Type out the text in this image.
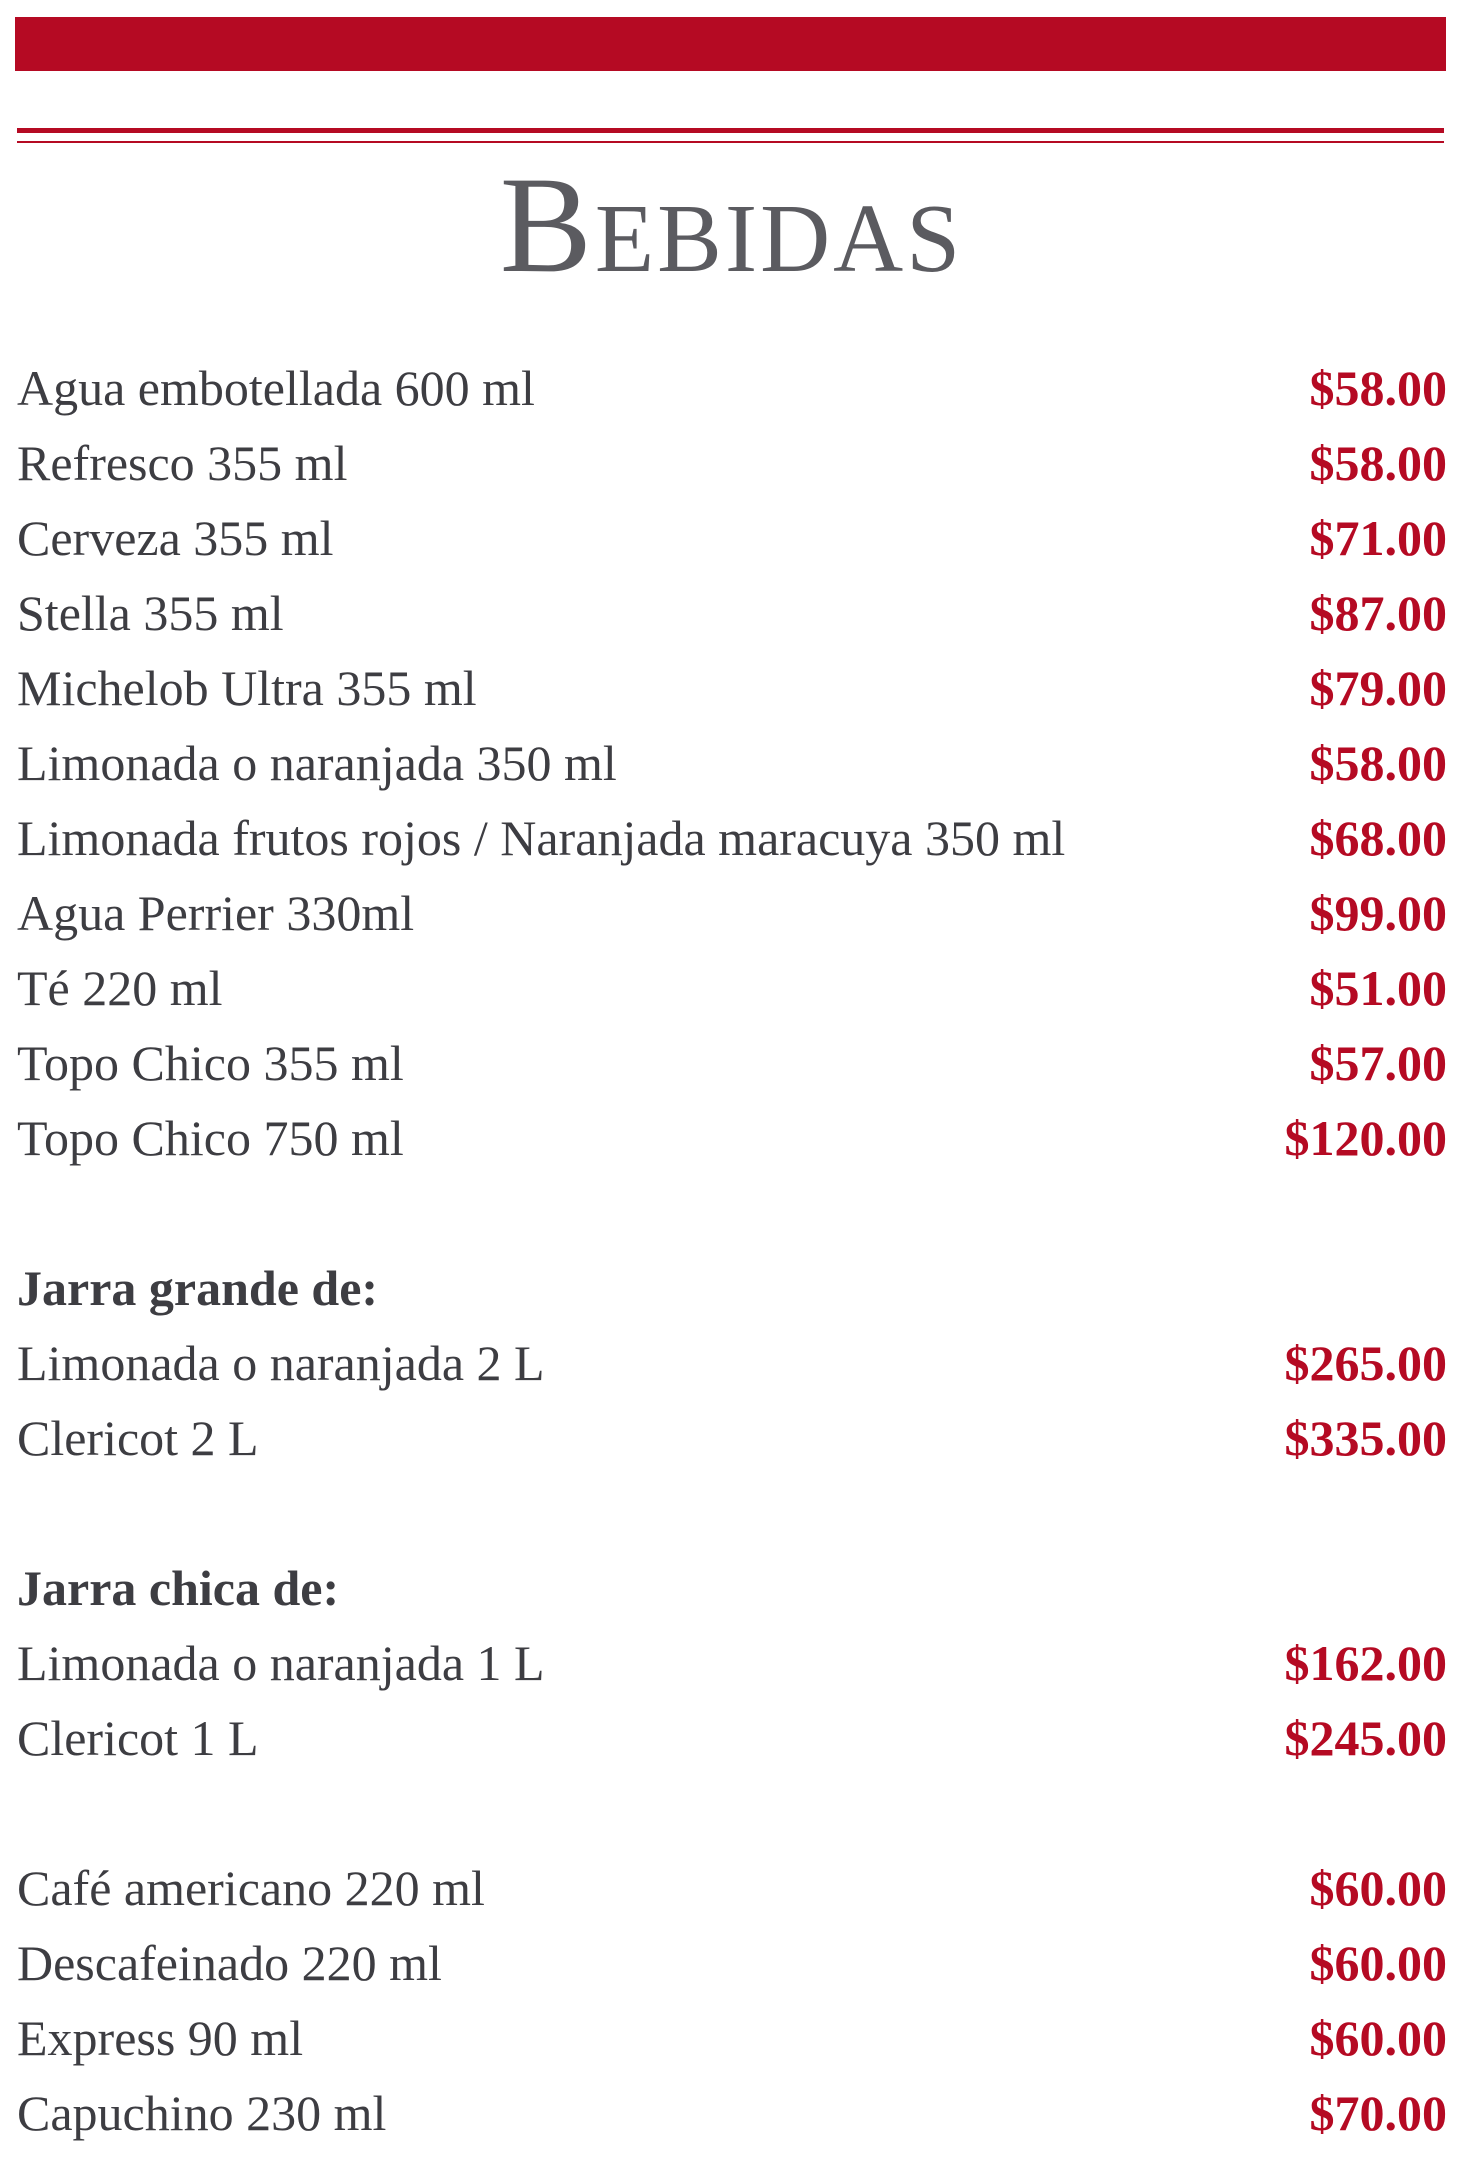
Bebidas
Agua embotellada 600 ml	$58.00
Refresco 355 ml	$58.00
Cerveza 355 ml	$71.00
Stella 355 ml	$87.00
Michelob Ultra 355 ml	$79.00
Limonada o naranjada 350 ml	$58.00
Limonada frutos rojos / Naranjada maracuya 350 ml	$68.00
Agua Perrier 330ml	$99.00
Té 220 ml	$51.00
Topo Chico 355 ml	$57.00
Topo Chico 750 ml	$120.00
Jarra grande de:
Limonada o naranjada 2 L	$265.00
Clericot 2 L	$335.00
Jarra chica de:
Limonada o naranjada 1 L	$162.00
Clericot 1 L	$245.00
Café americano 220 ml	$60.00
Descafeinado 220 ml	$60.00
Express 90 ml	$60.00
Capuchino 230 ml	$70.00
